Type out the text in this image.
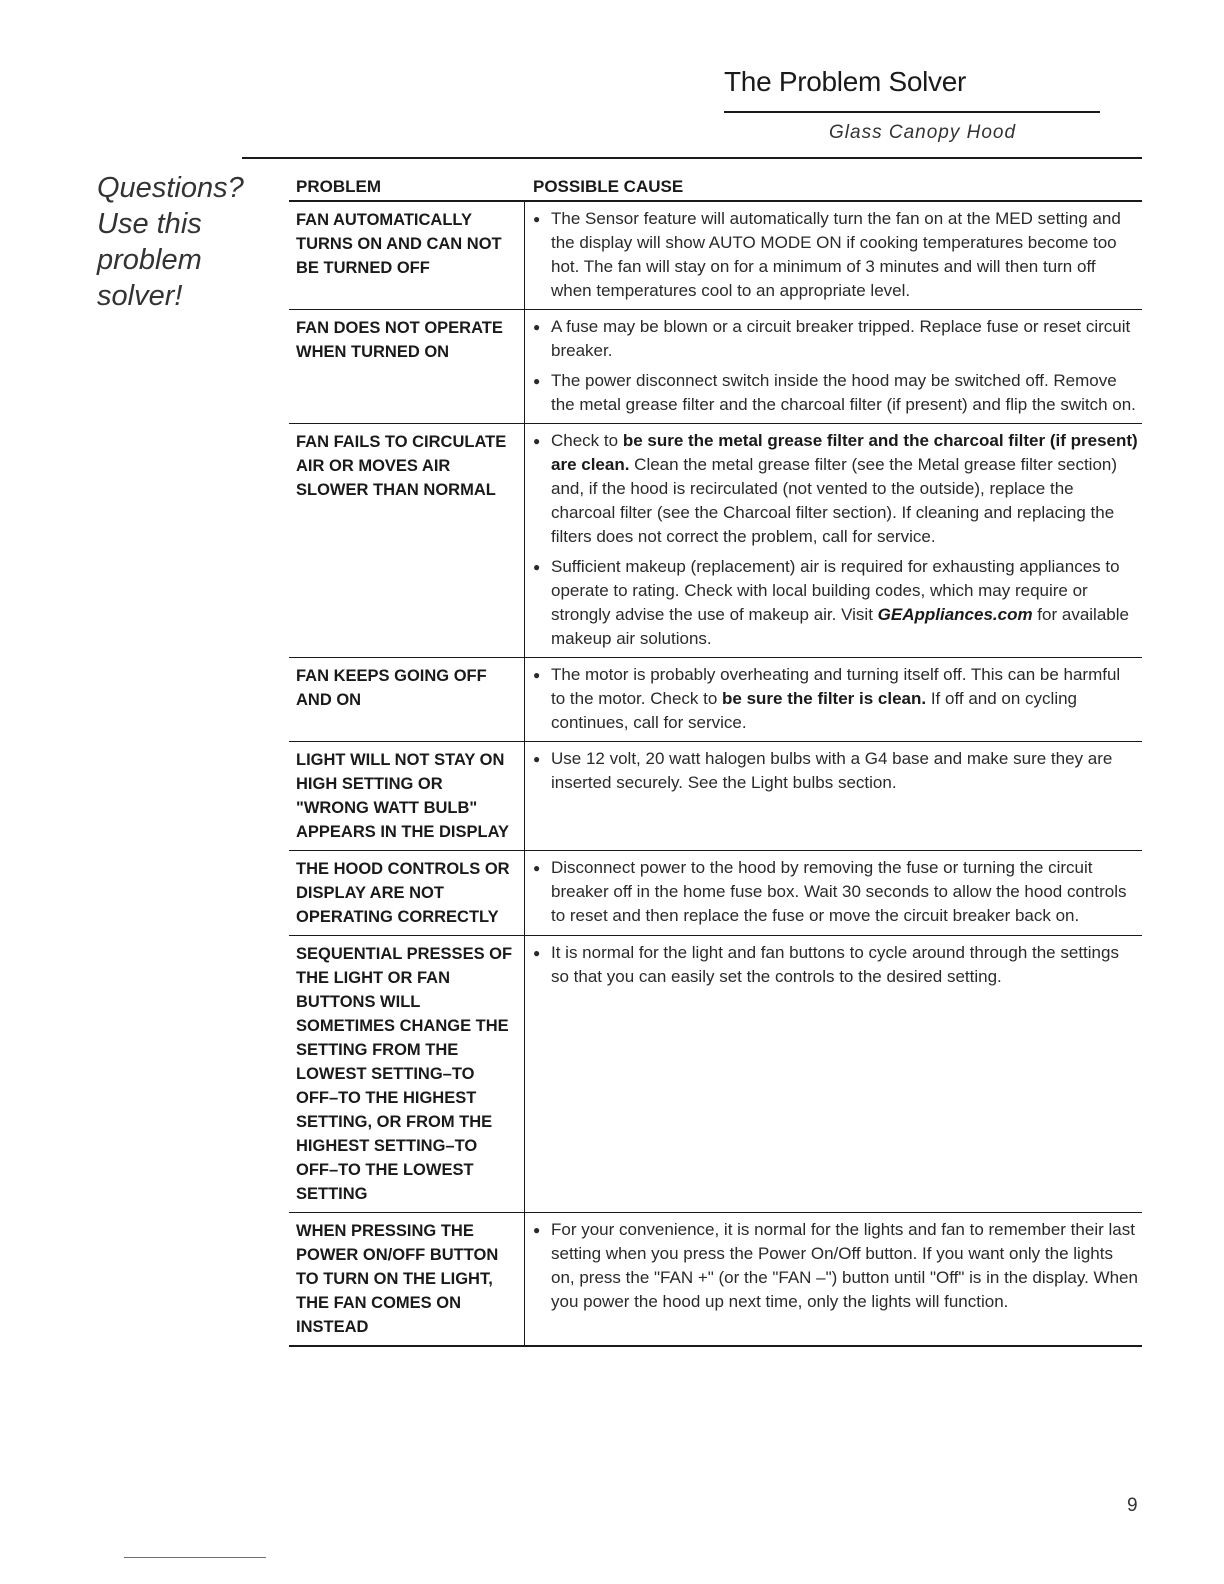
The Problem Solver
Glass Canopy Hood
Questions?
Use this
problem
solver!
PROBLEM	POSSIBLE CAUSE
FAN AUTOMATICALLY TURNS ON AND CAN NOT BE TURNED OFF
● The Sensor feature will automatically turn the fan on at the MED setting and the display will show AUTO MODE ON if cooking temperatures become too hot. The fan will stay on for a minimum of 3 minutes and will then turn off when temperatures cool to an appropriate level.
FAN DOES NOT OPERATE WHEN TURNED ON
● A fuse may be blown or a circuit breaker tripped. Replace fuse or reset circuit breaker.
● The power disconnect switch inside the hood may be switched off. Remove the metal grease filter and the charcoal filter (if present) and flip the switch on.
FAN FAILS TO CIRCULATE AIR OR MOVES AIR SLOWER THAN NORMAL
● Check to be sure the metal grease filter and the charcoal filter (if present) are clean. Clean the metal grease filter (see the Metal grease filter section) and, if the hood is recirculated (not vented to the outside), replace the charcoal filter (see the Charcoal filter section). If cleaning and replacing the filters does not correct the problem, call for service.
● Sufficient makeup (replacement) air is required for exhausting appliances to operate to rating. Check with local building codes, which may require or strongly advise the use of makeup air. Visit GEAppliances.com for available makeup air solutions.
FAN KEEPS GOING OFF AND ON
● The motor is probably overheating and turning itself off. This can be harmful to the motor. Check to be sure the filter is clean. If off and on cycling continues, call for service.
LIGHT WILL NOT STAY ON HIGH SETTING OR "WRONG WATT BULB" APPEARS IN THE DISPLAY
● Use 12 volt, 20 watt halogen bulbs with a G4 base and make sure they are inserted securely. See the Light bulbs section.
THE HOOD CONTROLS OR DISPLAY ARE NOT OPERATING CORRECTLY
● Disconnect power to the hood by removing the fuse or turning the circuit breaker off in the home fuse box. Wait 30 seconds to allow the hood controls to reset and then replace the fuse or move the circuit breaker back on.
SEQUENTIAL PRESSES OF THE LIGHT OR FAN BUTTONS WILL SOMETIMES CHANGE THE SETTING FROM THE LOWEST SETTING–TO OFF–TO THE HIGHEST SETTING, OR FROM THE HIGHEST SETTING–TO OFF–TO THE LOWEST SETTING
● It is normal for the light and fan buttons to cycle around through the settings so that you can easily set the controls to the desired setting.
WHEN PRESSING THE POWER ON/OFF BUTTON TO TURN ON THE LIGHT, THE FAN COMES ON INSTEAD
● For your convenience, it is normal for the lights and fan to remember their last setting when you press the Power On/Off button. If you want only the lights on, press the "FAN +" (or the "FAN –") button until "Off" is in the display. When you power the hood up next time, only the lights will function.
9
